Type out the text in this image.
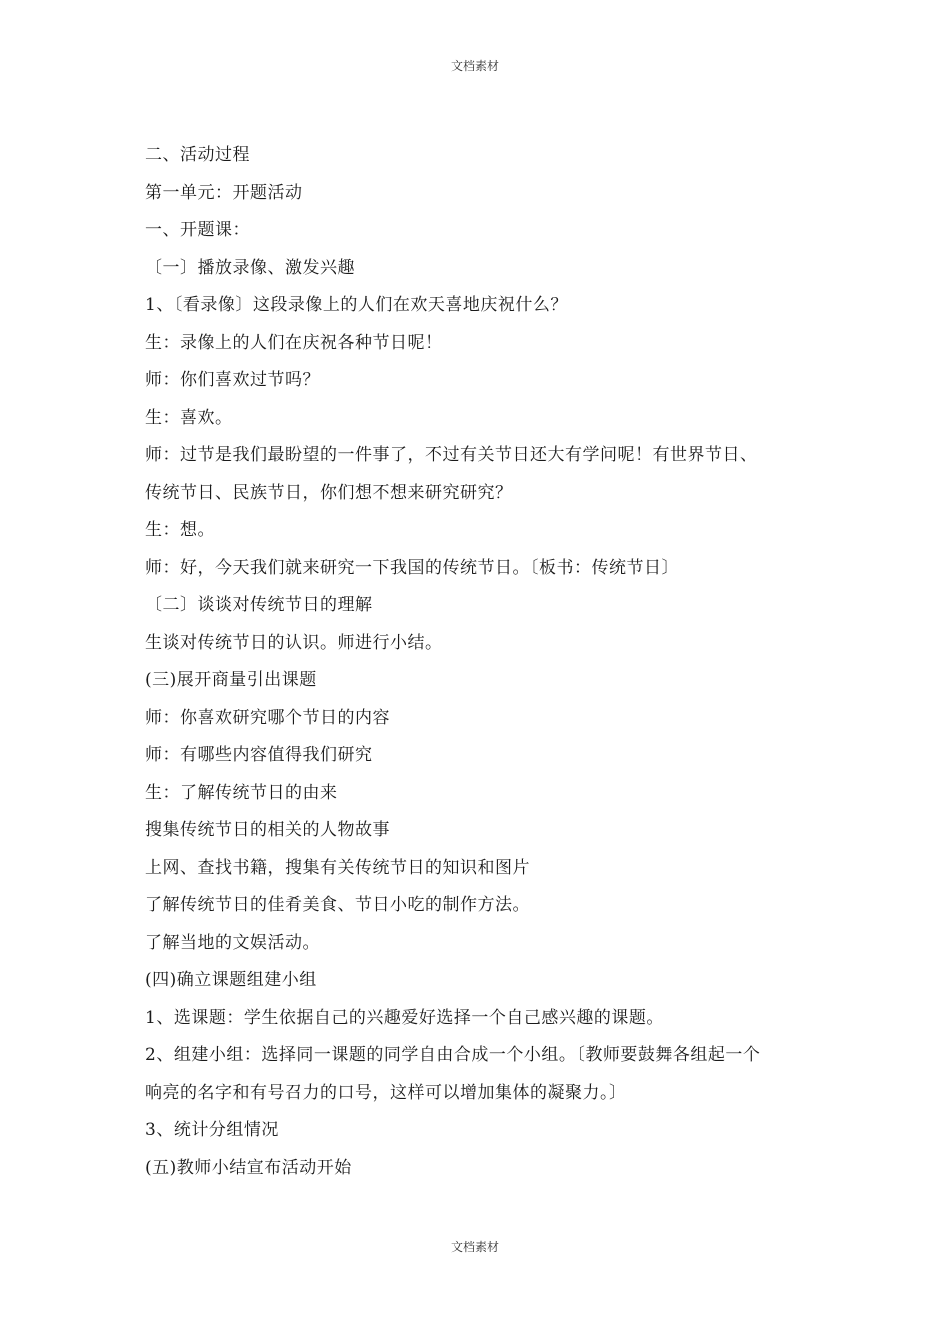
文档素材
二、活动过程
第一单元：开题活动
一、开题课：
〔一〕播放录像、激发兴趣
1、〔看录像〕这段录像上的人们在欢天喜地庆祝什么？
生：录像上的人们在庆祝各种节日呢！
师：你们喜欢过节吗？
生：喜欢。
师：过节是我们最盼望的一件事了，不过有关节日还大有学问呢！有世界节日、
传统节日、民族节日，你们想不想来研究研究？
生：想。
师：好，今天我们就来研究一下我国的传统节日。〔板书：传统节日〕
〔二〕谈谈对传统节日的理解
生谈对传统节日的认识。师进行小结。
(三)展开商量引出课题
师：你喜欢研究哪个节日的内容
师：有哪些内容值得我们研究
生：了解传统节日的由来
搜集传统节日的相关的人物故事
上网、查找书籍，搜集有关传统节日的知识和图片
了解传统节日的佳肴美食、节日小吃的制作方法。
了解当地的文娱活动。
(四)确立课题组建小组
1、选课题：学生依据自己的兴趣爱好选择一个自己感兴趣的课题。
2、组建小组：选择同一课题的同学自由合成一个小组。〔教师要鼓舞各组起一个
响亮的名字和有号召力的口号，这样可以增加集体的凝聚力。〕
3、统计分组情况
(五)教师小结宣布活动开始
文档素材
